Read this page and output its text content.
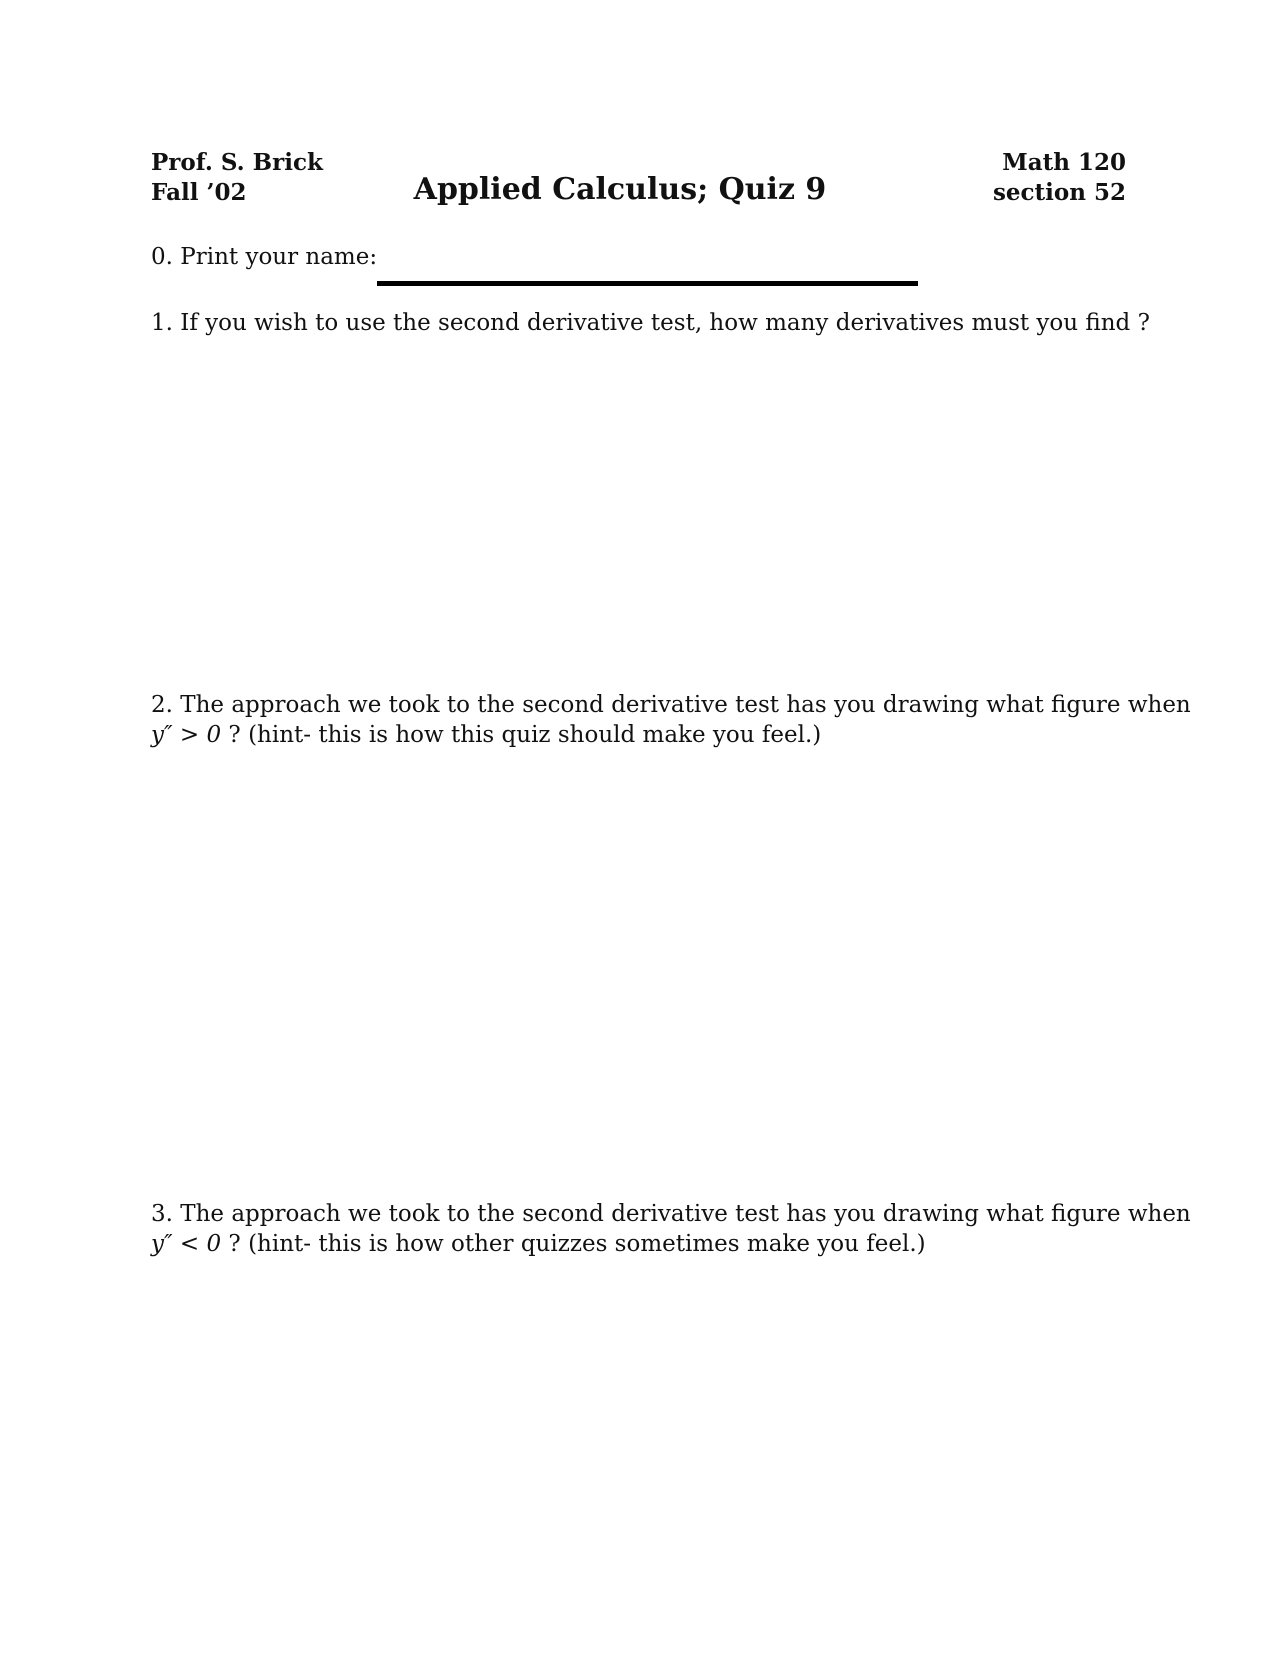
Prof. S. Brick
Fall ’02	Applied Calculus; Quiz 9
Math 120
section 52
0. Print your name:
1. If you wish to use the second derivative test, how many derivatives must you find ?
2. The approach we took to the second derivative test has you drawing what figure when
y″ > 0 ? (hint- this is how this quiz should make you feel.)
3. The approach we took to the second derivative test has you drawing what figure when
y″ < 0 ? (hint- this is how other quizzes sometimes make you feel.)
